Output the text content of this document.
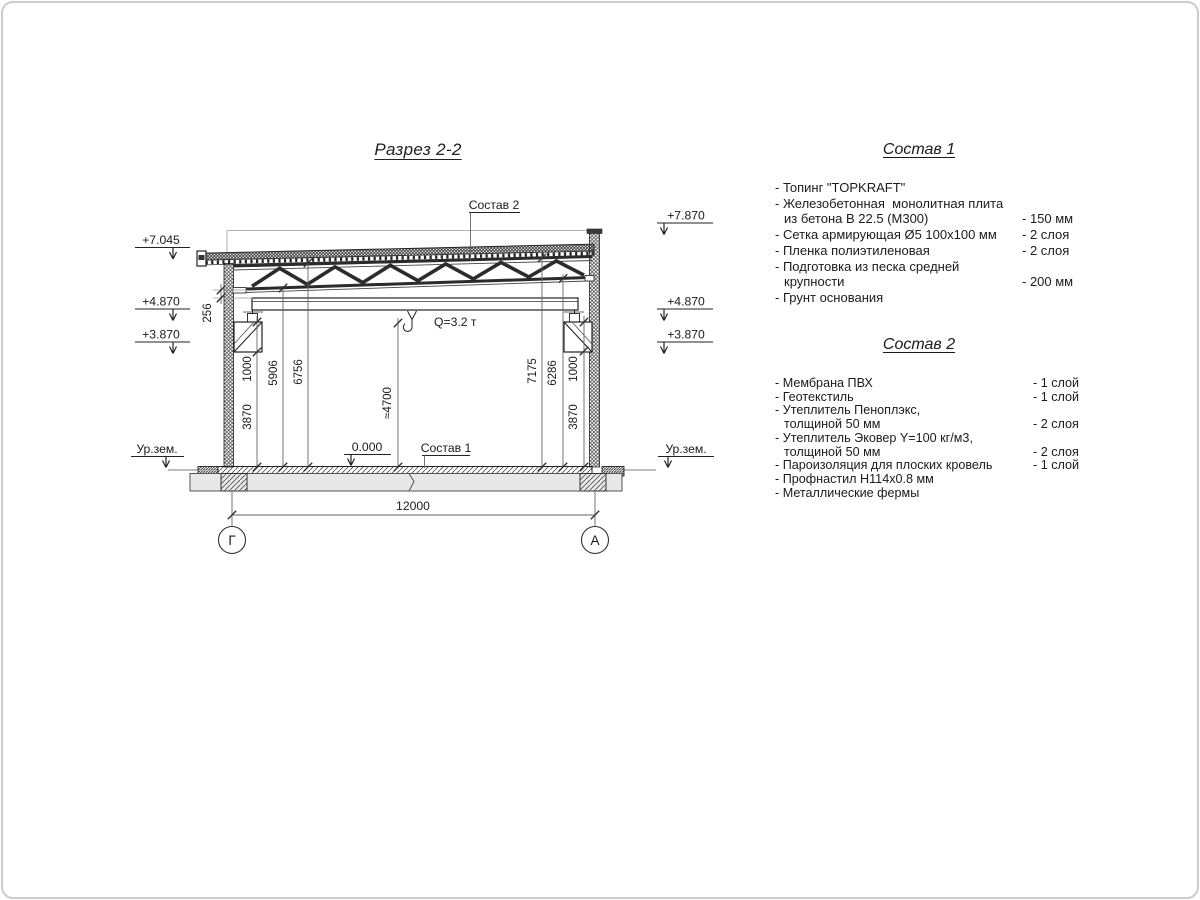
Разрез 2-2
Q=3.2 т
256
1000
3870
5906 6756
≈4700
7175 6286 1000
3870
12000
Г	А
+7.045
+4.870
+3.870
+7.870
+4.870
+3.870
Ур.зем.	Ур.зем.
0.000
Состав 2
Состав 1
Состав 1
- Топинг "TOPKRAFT"
- Железобетонная  монолитная плита
из бетона В 22.5 (М300)	- 150 мм
- Сетка армирующая Ø5 100x100 мм - 2 слоя
- Пленка полиэтиленовая	- 2 слоя
- Подготовка из песка средней
крупности	- 200 мм
- Грунт основания
Состав 2
- Мембрана ПВХ	- 1 слой
- Геотекстиль	- 1 слой
- Утеплитель Пеноплэкс,
толщиной 50 мм	- 2 слоя
- Утеплитель Эковер Y=100 кг/м3,
толщиной 50 мм	- 2 слоя
- Пароизоляция для плоских кровель	- 1 слой
- Профнастил Н114x0.8 мм
- Металлические фермы
